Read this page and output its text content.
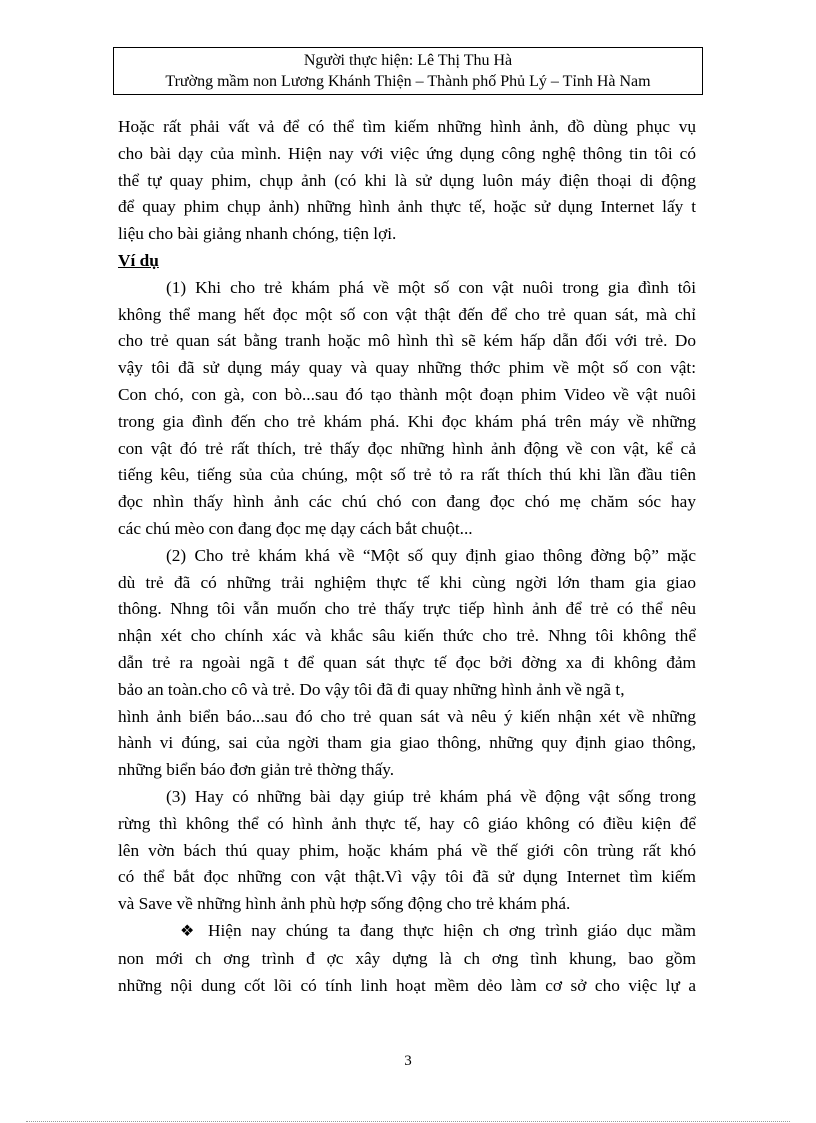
Người thực hiện: Lê Thị Thu Hà
Trường mầm non Lương Khánh Thiện – Thành phố Phủ Lý – Tỉnh Hà Nam

Hoặc rất phải vất vả để có thể tìm kiếm những hình ảnh, đồ dùng phục vụ
cho bài dạy của mình. Hiện nay với việc ứng dụng công nghệ thông tin tôi có
thể tự quay phim, chụp ảnh (có khi là sử dụng luôn máy điện thoại di động
để quay phim chụp ảnh) những hình ảnh thực tế, hoặc sử dụng Internet lấy t
liệu cho bài giảng nhanh chóng, tiện lợi.

Ví dụ

(1) Khi cho trẻ khám phá về một số con vật nuôi trong gia đình tôi
không thể mang hết đọc một số con vật thật đến để cho trẻ quan sát, mà chỉ
cho trẻ quan sát bằng tranh hoặc mô hình thì sẽ kém hấp dẫn đối với trẻ. Do
vậy tôi đã sử dụng máy quay và quay những thớc phim về một số con vật:
Con chó, con gà, con bò...sau đó tạo thành một đoạn phim Video về vật nuôi
trong gia đình đến cho trẻ khám phá. Khi đọc khám phá trên máy về những
con vật đó trẻ rất thích, trẻ thấy đọc những hình ảnh động về con vật, kể cả
tiếng kêu, tiếng sủa của chúng, một số trẻ tỏ ra rất thích thú khi lần đầu tiên
đọc nhìn thấy hình ảnh các chú chó con đang đọc chó mẹ chăm sóc hay
các chú mèo con đang đọc mẹ dạy cách bắt chuột...

(2) Cho trẻ khám khá về “Một số quy định giao thông đờng bộ” mặc
dù trẻ đã có những trải nghiệm thực tế khi cùng ngời lớn tham gia giao
thông. Nhng tôi vẫn muốn cho trẻ thấy trực tiếp hình ảnh để trẻ có thể nêu
nhận xét cho chính xác và khắc sâu kiến thức cho trẻ. Nhng tôi không thể
dẫn trẻ ra ngoài ngã t để quan sát thực tế đọc bởi đờng xa đi không đảm
bảo an toàn.cho cô và trẻ. Do vậy tôi đã đi quay những hình ảnh về ngã t,
hình ảnh biển báo...sau đó cho trẻ quan sát và nêu ý kiến nhận xét về những
hành vi đúng, sai của ngời tham gia giao thông, những quy định giao thông,
những biển báo đơn giản trẻ thờng thấy.

(3) Hay có những bài dạy giúp trẻ khám phá về động vật sống trong
rừng thì không thể có hình ảnh thực tế, hay cô giáo không có điều kiện để
lên vờn bách thú quay phim, hoặc khám phá về thế giới côn trùng rất khó
có thể bắt đọc những con vật thật.Vì vậy tôi đã sử dụng Internet tìm kiếm
và Save về những hình ảnh phù hợp sống động cho trẻ khám phá.

❖ Hiện nay chúng ta đang thực hiện ch ơng trình giáo dục mầm
non mới ch ơng trình đ ợc xây dựng là ch ơng tình khung, bao gồm
những nội dung cốt lõi có tính linh hoạt mềm dẻo làm cơ sở cho việc lự a

3
